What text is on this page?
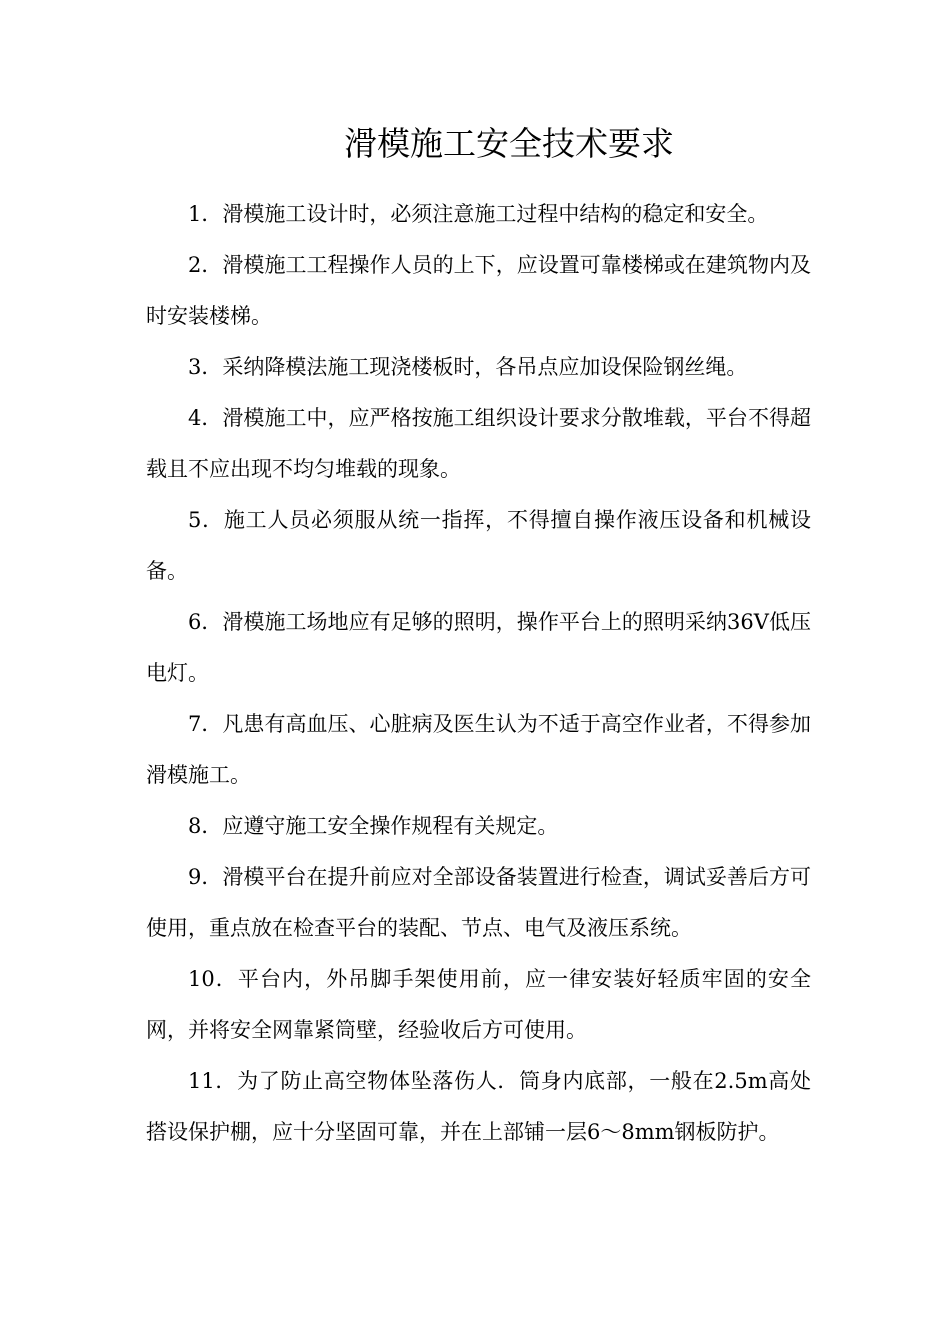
滑模施工安全技术要求

1．滑模施工设计时，必须注意施工过程中结构的稳定和安全。

2．滑模施工工程操作人员的上下，应设置可靠楼梯或在建筑物内及时安装楼梯。

3．采纳降模法施工现浇楼板时，各吊点应加设保险钢丝绳。

4．滑模施工中，应严格按施工组织设计要求分散堆载，平台不得超载且不应出现不均匀堆载的现象。

5．施工人员必须服从统一指挥，不得擅自操作液压设备和机械设备。

6．滑模施工场地应有足够的照明，操作平台上的照明采纳36V低压电灯。

7．凡患有高血压、心脏病及医生认为不适于高空作业者，不得参加滑模施工。

8．应遵守施工安全操作规程有关规定。

9．滑模平台在提升前应对全部设备装置进行检查，调试妥善后方可使用，重点放在检查平台的装配、节点、电气及液压系统。

10．平台内，外吊脚手架使用前，应一律安装好轻质牢固的安全网，并将安全网靠紧筒壁，经验收后方可使用。

11．为了防止高空物体坠落伤人．筒身内底部，一般在2.5m高处搭设保护棚，应十分坚固可靠，并在上部铺一层6～8mm钢板防护。
